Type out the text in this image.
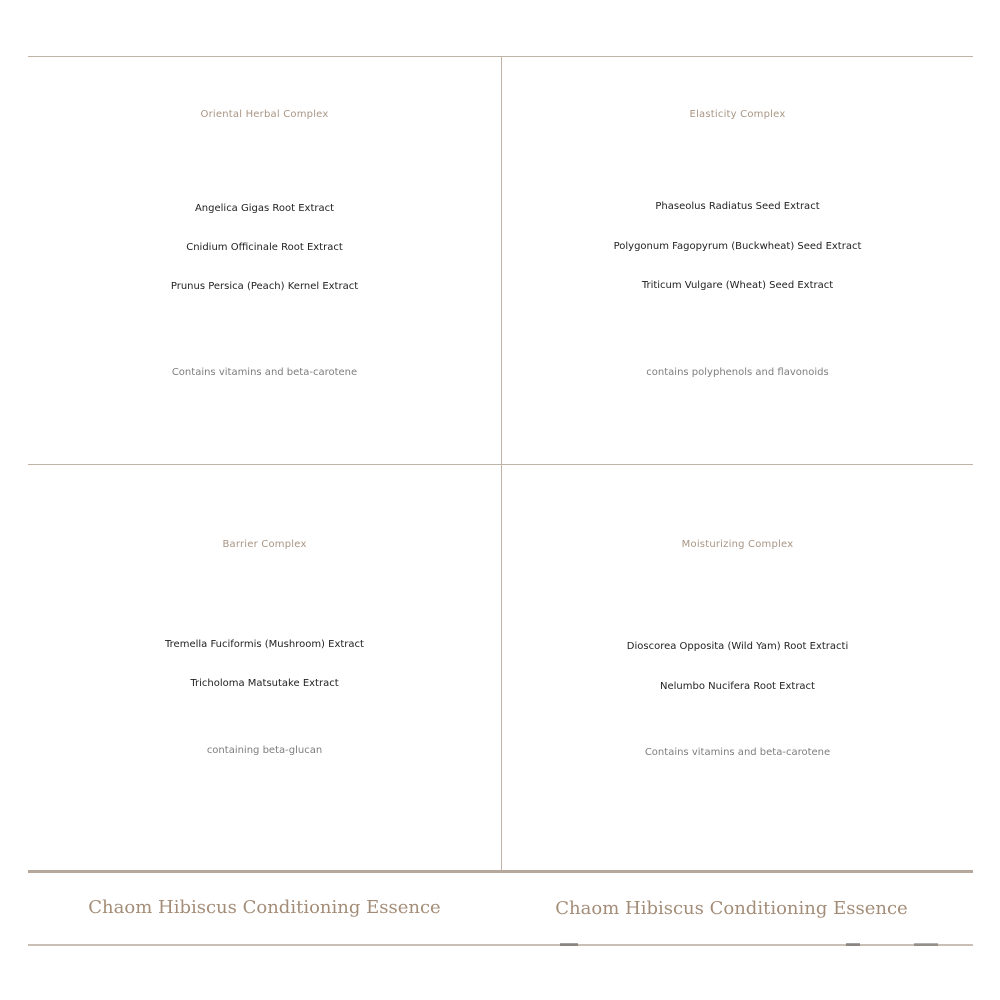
Oriental Herbal Complex
Angelica Gigas Root Extract
Cnidium Officinale Root Extract
Prunus Persica (Peach) Kernel Extract
Contains vitamins and beta-carotene
Elasticity Complex
Phaseolus Radiatus Seed Extract
Polygonum Fagopyrum (Buckwheat) Seed Extract
Triticum Vulgare (Wheat) Seed Extract
contains polyphenols and flavonoids
Barrier Complex
Tremella Fuciformis (Mushroom) Extract
Tricholoma Matsutake Extract
containing beta-glucan
Moisturizing Complex
Dioscorea Opposita (Wild Yam) Root Extracti
Nelumbo Nucifera Root Extract
Contains vitamins and beta-carotene
Chaom Hibiscus Conditioning Essence	Chaom Hibiscus Conditioning Essence
